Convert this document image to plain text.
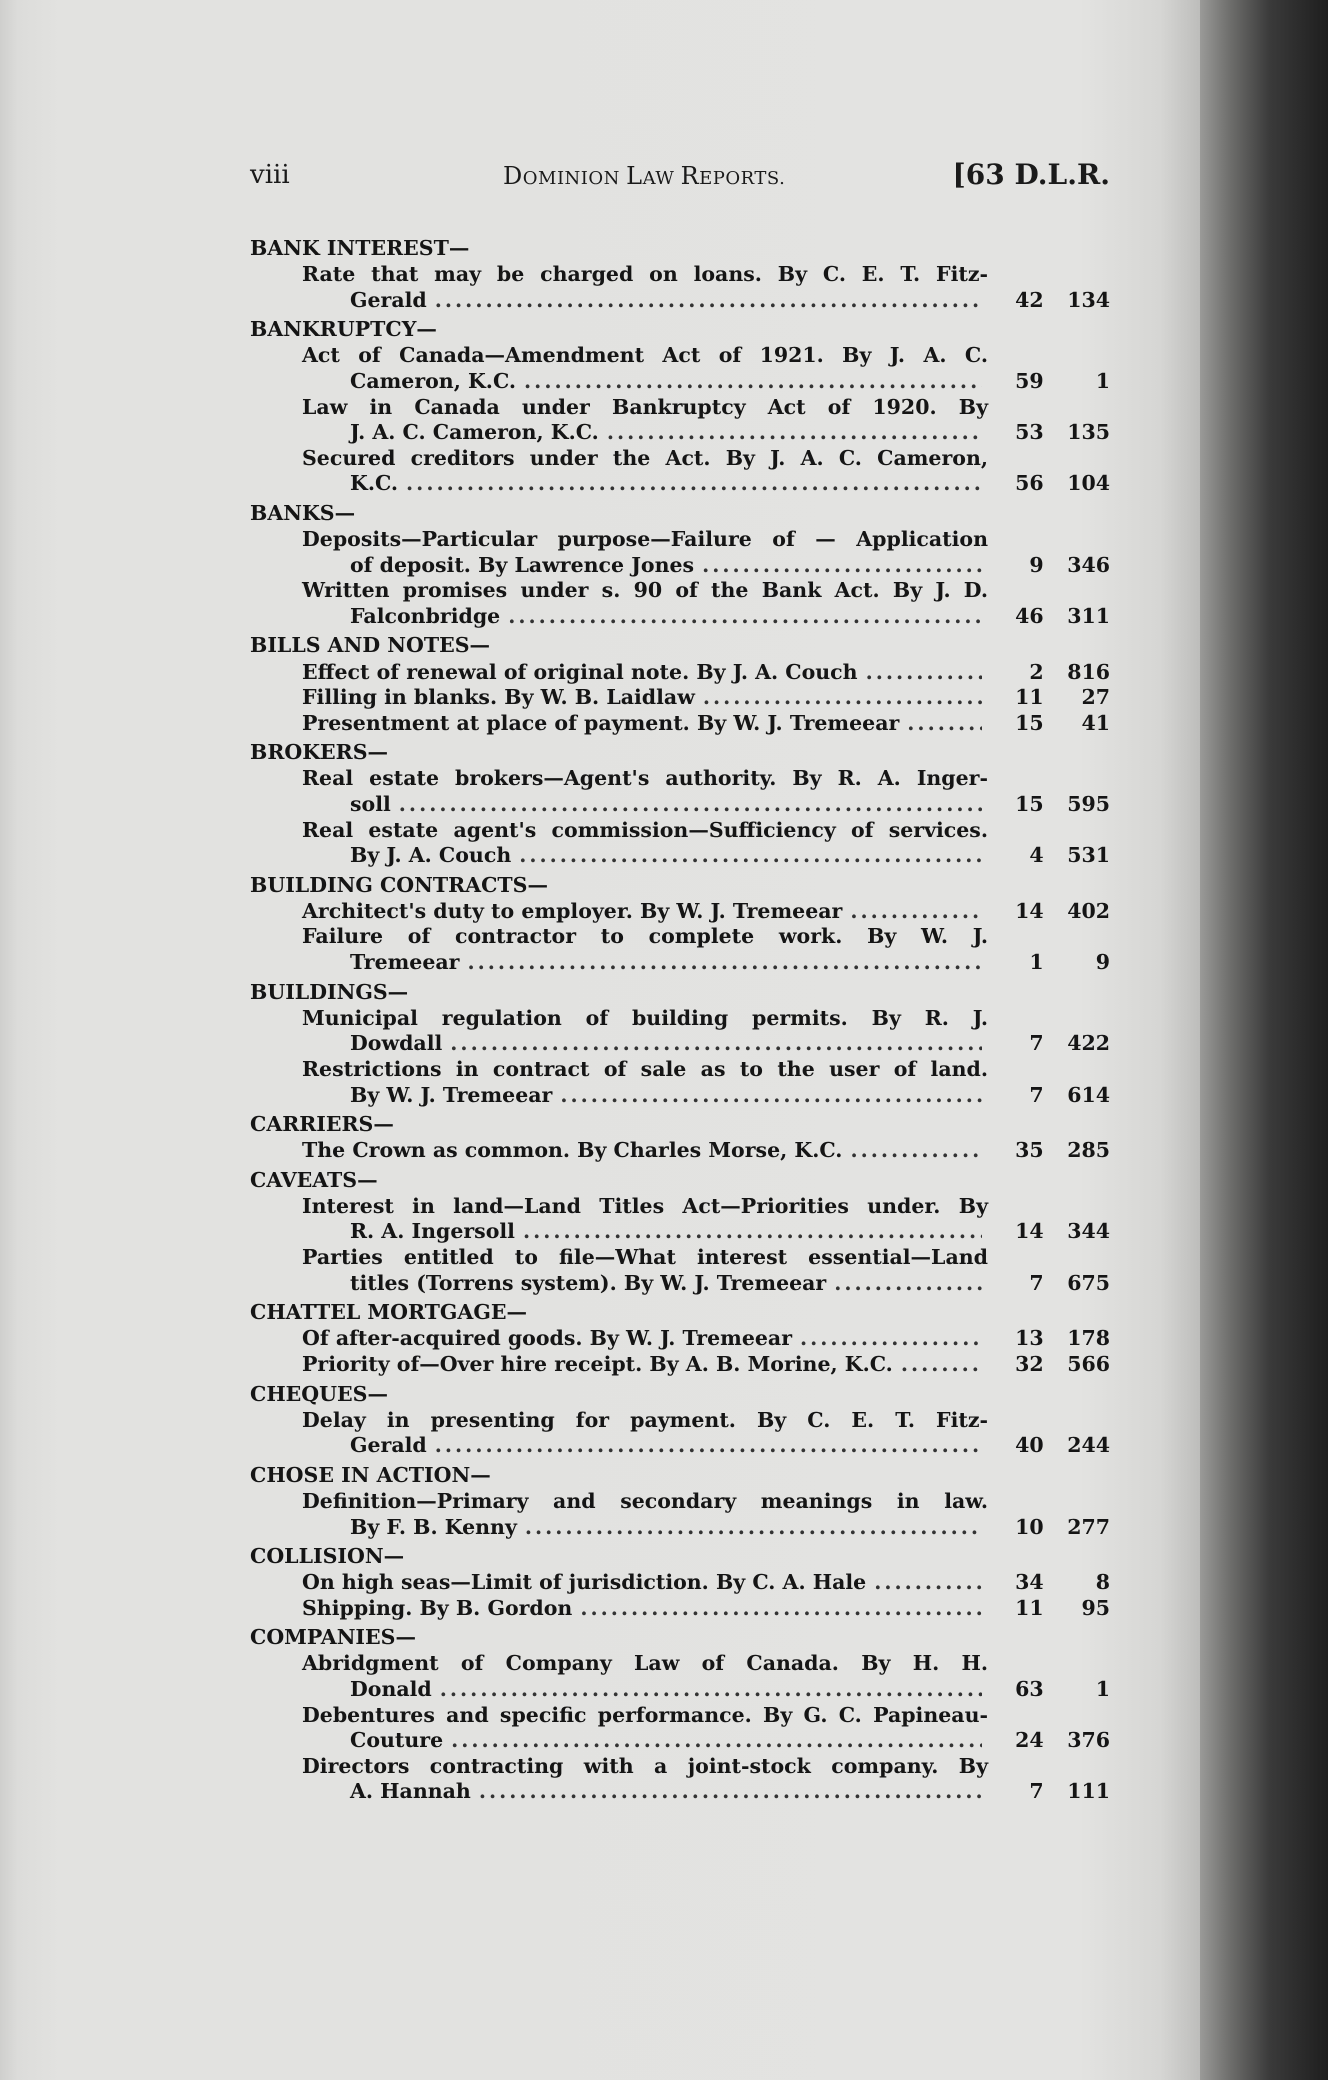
viii	DOMINION LAW REPORTS.	[63 D.L.R.
BANK INTEREST—
Rate that may be charged on loans. By C. E. T. Fitz-
Gerald .....	42	134
BANKRUPTCY—
Act of Canada—Amendment Act of 1921. By J. A. C.
Cameron, K.C. .....	59	1
Law in Canada under Bankruptcy Act of 1920. By
J. A. C. Cameron, K.C. .....	53	135
Secured creditors under the Act. By J. A. C. Cameron,
K.C. .....	56	104
BANKS—
Deposits—Particular purpose—Failure of — Application
of deposit. By Lawrence Jones .....	9	346
Written promises under s. 90 of the Bank Act. By J. D.
Falconbridge .....	46	311
BILLS AND NOTES—
Effect of renewal of original note. By J. A. Couch .....	2	816
Filling in blanks. By W. B. Laidlaw .....	11	27
Presentment at place of payment. By W. J. Tremeear .....	15	41
BROKERS—
Real estate brokers—Agent's authority. By R. A. Inger-
soll .....	15	595
Real estate agent's commission—Sufficiency of services.
By J. A. Couch .....	4	531
BUILDING CONTRACTS—
Architect's duty to employer. By W. J. Tremeear .....	14	402
Failure of contractor to complete work. By W. J.
Tremeear .....	1	9
BUILDINGS—
Municipal regulation of building permits. By R. J.
Dowdall .....	7	422
Restrictions in contract of sale as to the user of land.
By W. J. Tremeear .....	7	614
CARRIERS—
The Crown as common. By Charles Morse, K.C. .....	35	285
CAVEATS—
Interest in land—Land Titles Act—Priorities under. By
R. A. Ingersoll .....	14	344
Parties entitled to file—What interest essential—Land
titles (Torrens system). By W. J. Tremeear .....	7	675
CHATTEL MORTGAGE—
Of after-acquired goods. By W. J. Tremeear .....	13	178
Priority of—Over hire receipt. By A. B. Morine, K.C. .....	32	566
CHEQUES—
Delay in presenting for payment. By C. E. T. Fitz-
Gerald .....	40	244
CHOSE IN ACTION—
Definition—Primary and secondary meanings in law.
By F. B. Kenny .....	10	277
COLLISION—
On high seas—Limit of jurisdiction. By C. A. Hale .....	34	8
Shipping. By B. Gordon .....	11	95
COMPANIES—
Abridgment of Company Law of Canada. By H. H.
Donald .....	63	1
Debentures and specific performance. By G. C. Papineau-
Couture .....	24	376
Directors contracting with a joint-stock company. By
A. Hannah .....	7	111
